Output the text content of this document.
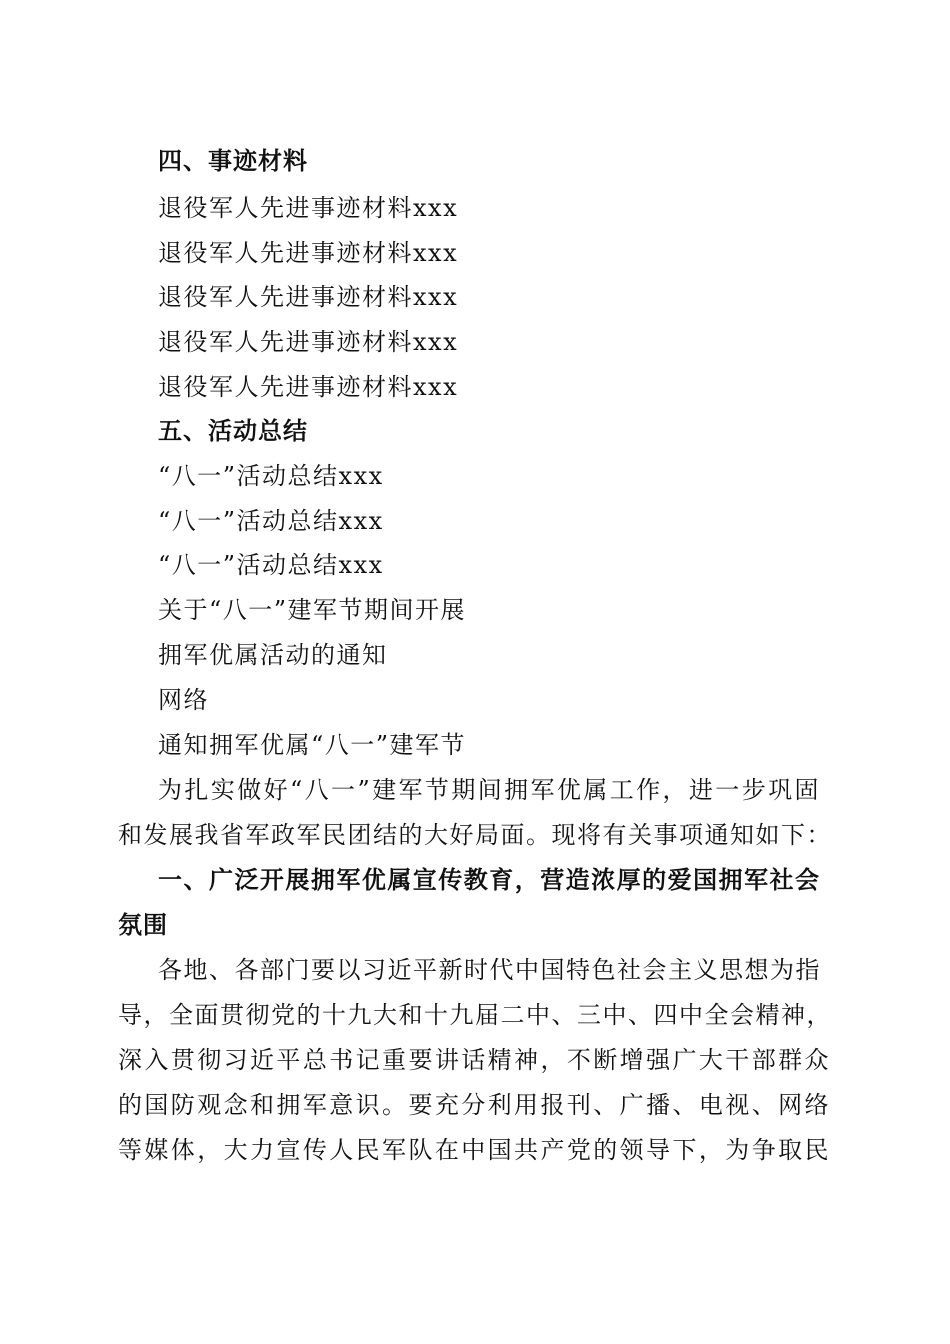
四、事迹材料
退役军人先进事迹材料xxx
退役军人先进事迹材料xxx
退役军人先进事迹材料xxx
退役军人先进事迹材料xxx
退役军人先进事迹材料xxx
五、活动总结
“八一”活动总结xxx
“八一”活动总结xxx
“八一”活动总结xxx
关于“八一”建军节期间开展
拥军优属活动的通知
网络
通知拥军优属“八一”建军节
为扎实做好“八一”建军节期间拥军优属工作，进一步巩固
和发展我省军政军民团结的大好局面。现将有关事项通知如下：
一、广泛开展拥军优属宣传教育，营造浓厚的爱国拥军社会
氛围
各地、各部门要以习近平新时代中国特色社会主义思想为指
导，全面贯彻党的十九大和十九届二中、三中、四中全会精神，
深入贯彻习近平总书记重要讲话精神，不断增强广大干部群众
的国防观念和拥军意识。要充分利用报刊、广播、电视、网络
等媒体，大力宣传人民军队在中国共产党的领导下，为争取民
